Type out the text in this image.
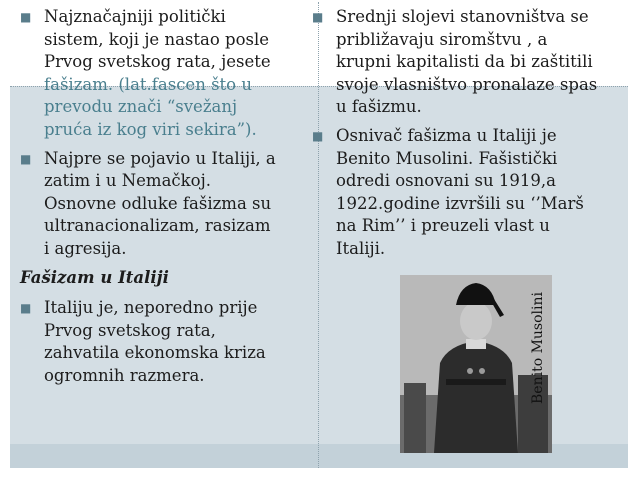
■ Najznačajniji politički
sistem, koji je nastao posle
Prvog svetskog rata, jesete
fašizam. (lat.fascen što u
prevodu znači “svežanj
pruća iz kog viri sekira”).
■ Najpre se pojavio u Italiji, a
zatim i u Nemačkoj.
Osnovne odluke fašizma su
ultranacionalizam, rasizam
i agresija.
Fašizam u Italiji
■ Italiju je, neporedno prije
Prvog svetskog rata,
zahvatila ekonomska kriza
ogromnih razmera.
■ Srednji slojevi stanovništva se
približavaju siromštvu , a
krupni kapitalisti da bi zaštitili
svoje vlasništvo pronalaze spas
u fašizmu.
■ Osnivač fašizma u Italiji je
Benito Musolini. Fašistički
odredi osnovani su 1919,a
1922.godine izvršili su ‘’Marš
na Rim’’ i preuzeli vlast u
Italiji.
Benito Musolini
